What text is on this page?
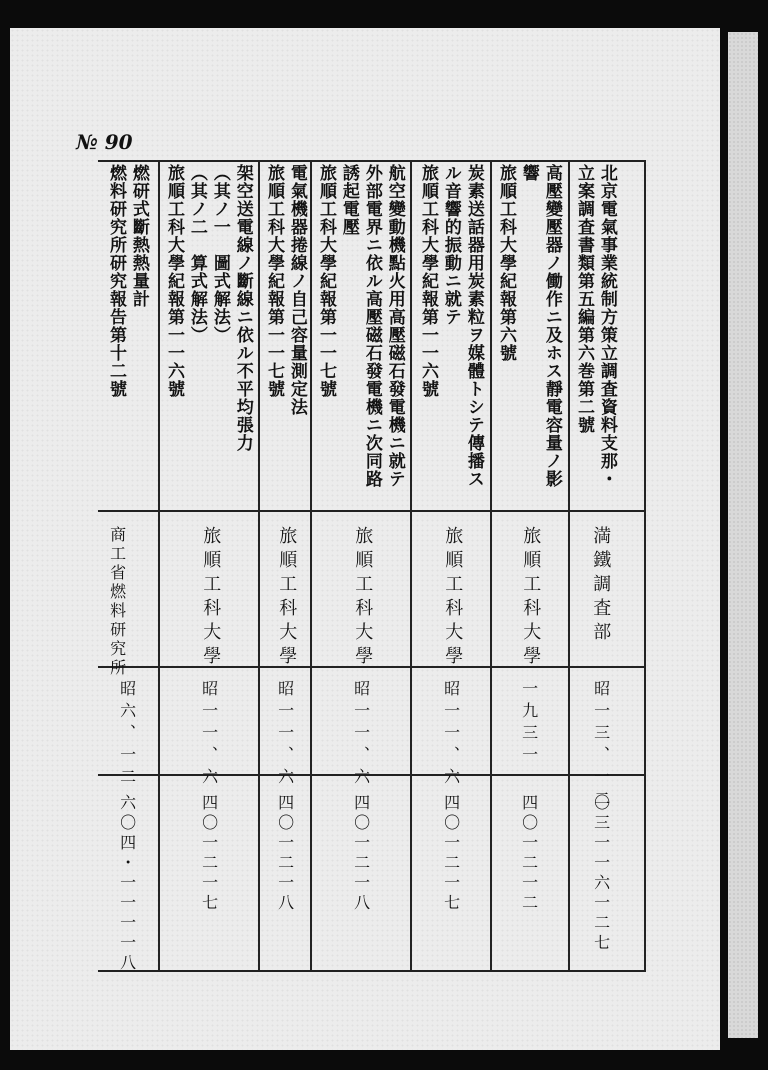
№ 90
北京電氣事業統制方策立調査資料支那・
立案調査書類第五編第六巻第二號
満鐵調査部
昭一三、一二
〇三一一六一二七
高壓變壓器ノ働作ニ及ホス靜電容量ノ影
響
旅順工科大學紀報第六號
旅順工科大學
一九三一
四〇一二一二
炭素送話器用炭素粒ヲ媒體トシテ傳播ス
ル音響的振動ニ就テ
旅順工科大學紀報第一一六號
旅順工科大學
昭一一、六
四〇一二一七
航空變動機點火用高壓磁石發電機ニ就テ
外部電界ニ依ル高壓磁石發電機ニ次同路
誘起電壓
旅順工科大學紀報第一一七號
旅順工科大學
昭一一、六
四〇一二一八
電氣機器捲線ノ自己容量測定法
旅順工科大學紀報第一一七號
旅順工科大學
昭一一、六
四〇一二一八
架空送電線ノ斷線ニ依ル不平均張力
（其ノ一　圖式解法）
（其ノ二　算式解法）
旅順工科大學紀報第一一六號
旅順工科大學
昭一一、六
四〇一二一七
燃研式斷熱熱量計
燃料研究所研究報告第十二號
商工省燃料研究所
昭六、一二
六〇四・一一一一八
